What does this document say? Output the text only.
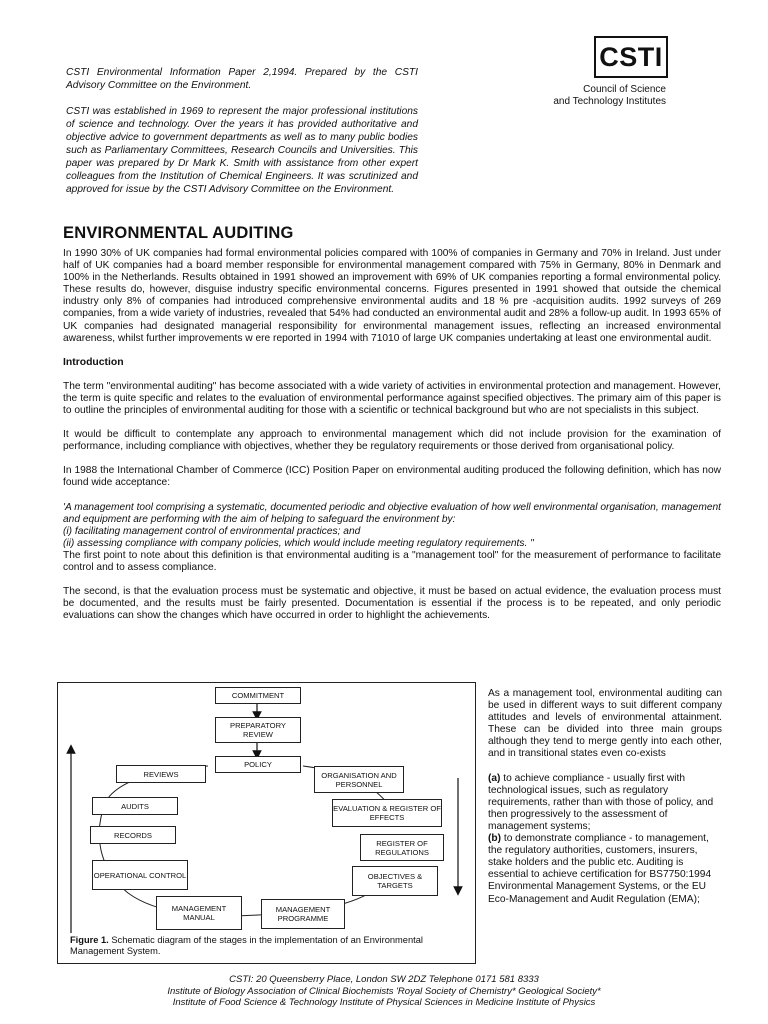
CSTI Environmental Information Paper 2,1994. Prepared by the CSTI Advisory Committee on the Environment.

CSTI was established in 1969 to represent the major professional institutions of science and technology. Over the years it has provided authoritative and objective advice to government departments as well as to many public bodies such as Parliamentary Committees, Research Councils and Universities. This paper was prepared by Dr Mark K. Smith with assistance from other expert colleagues from the Institution of Chemical Engineers. It was scrutinized and approved for issue by the CSTI Advisory Committee on the Environment.

CSTI
Council of Science
and Technology Institutes
ENVIRONMENTAL AUDITING

In 1990 30% of UK companies had formal environmental policies compared with 100% of companies in Germany and 70% in Ireland. Just under half of UK companies had a board member responsible for environmental management compared with 75% in Germany, 80% in Denmark and 100% in the Netherlands. Results obtained in 1991 showed an improvement with 69% of UK companies reporting a formal environmental policy. These results do, however, disguise industry specific environmental concerns. Figures presented in 1991 showed that outside the chemical industry only 8% of companies had introduced comprehensive environmental audits and 18 % pre -acquisition audits. 1992 surveys of 269 companies, from a wide variety of industries, revealed that 54% had conducted an environmental audit and 28% a follow-up audit. In 1993 65% of UK companies had designated managerial responsibility for environmental management issues, reflecting an increased environmental awareness, whilst further improvements w ere reported in 1994 with 71010 of large UK companies undertaking at least one environmental audit.

Introduction

The term "environmental auditing" has become associated with a wide variety of activities in environmental protection and management. However, the term is quite specific and relates to the evaluation of environmental performance against specified objectives. The primary aim of this paper is to outline the principles of environmental auditing for those with a scientific or technical background but who are not specialists in this subject.

It would be difficult to contemplate any approach to environmental management which did not include provision for the examination of performance, including compliance with objectives, whether they be regulatory requirements or those derived from organisational policy.

In 1988 the International Chamber of Commerce (ICC) Position Paper on environmental auditing produced the following definition, which has now found wide acceptance:

'A management tool comprising a systematic, documented periodic and objective evaluation of how well environmental organisation, management and equipment are performing with the aim of helping to safeguard the environment by:

(i) facilitating management control of environmental practices; and

(ii) assessing compliance with company policies, which would include meeting regulatory requirements. "

The first point to note about this definition is that environmental auditing is a "management tool" for the measurement of performance to facilitate control and to assess compliance.

The second, is that the evaluation process must be systematic and objective, it must be based on actual evidence, the evaluation process must be documented, and the results must be fairly presented. Documentation is essential if the process is to be repeated, and only periodic evaluations can show the changes which have occurred in order to highlight the achievements.

COMMITMENT
PREPARATORY REVIEW
POLICY
REVIEWS	ORGANISATION AND PERSONNEL
AUDITS	EVALUATION & REGISTER OF EFFECTS
RECORDS
REGISTER OF REGULATIONS
OPERATIONAL CONTROL	OBJECTIVES & TARGETS
MANAGEMENT MANUAL
MANAGEMENT PROGRAMME
Figure 1. Schematic diagram of the stages in the implementation of an Environmental Management System.

As a management tool, environmental auditing can be used in different ways to suit different company attitudes and levels of environmental attainment. These can be divided into three main groups although they tend to merge gently into each other, and in transitional states even co-exists

(a) to achieve compliance - usually first with technological issues, such as regulatory requirements, rather than with those of policy, and then progressively to the assessment of management systems;

(b) to demonstrate compliance - to management, the regulatory authorities, customers, insurers, stake holders and the public etc. Auditing is essential to achieve certification for BS7750:1994 Environmental Management Systems, or the EU Eco-Management and Audit Regulation (EMA);

CSTI: 20 Queensberry Place, London SW 2DZ Telephone 0171 581 8333
Institute of Biology Association of Clinical Biochemists 'Royal Society of Chemistry* Geological Society*
Institute of Food Science & Technology Institute of Physical Sciences in Medicine Institute of Physics
